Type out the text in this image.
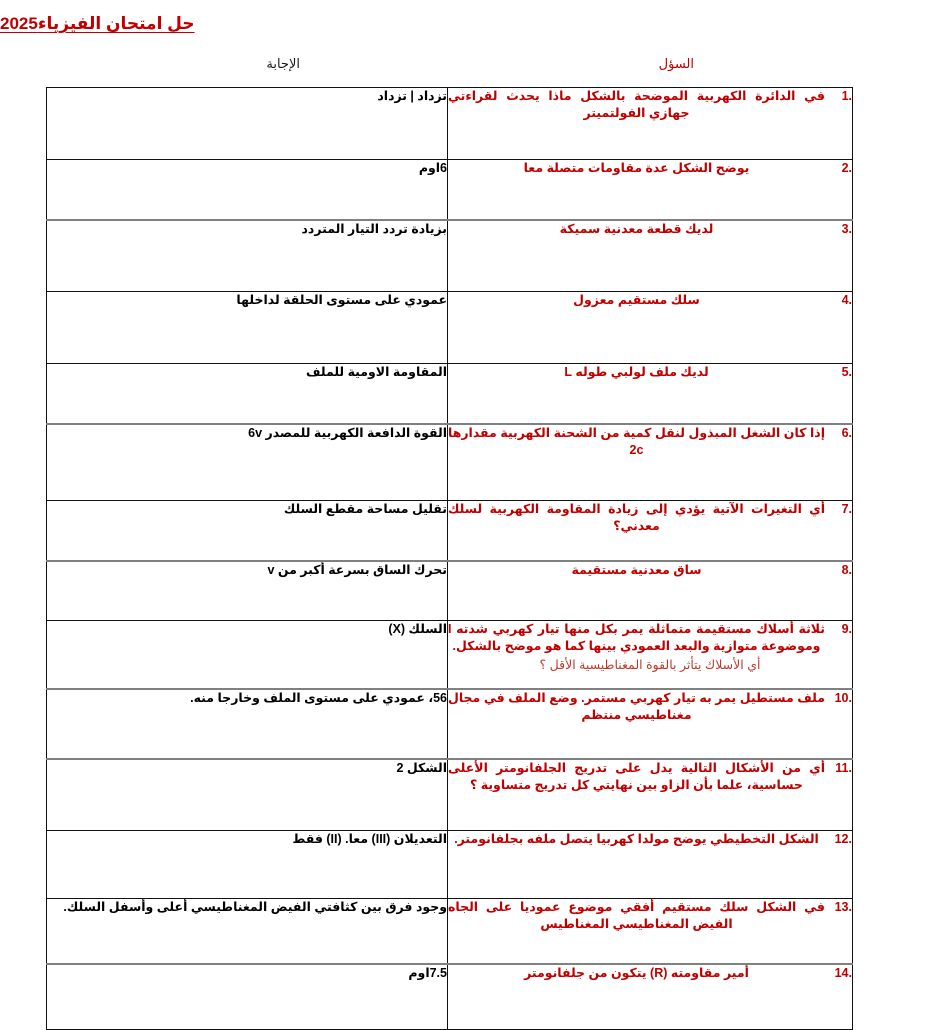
حل امتحان الفيزياء2025
السؤل
الإجابة
.1
في الدائرة الكهربية الموضحة بالشكل ماذا يحدث لقراءتي جهازي الفولتميتر	تزداد | تزداد

.2
يوضح الشكل عدة مقاومات متصلة معا	6اوم

.3
لديك قطعة معدنية سميكة	بزيادة تردد التيار المتردد

.4
سلك مستقيم معزول	عمودي على مستوى الحلقة لداخلها

.5
لديك ملف لولبي طوله L	المقاومة الاومية للملف

.6
إذا كان الشغل المبذول لنقل كمية من الشحنة الكهربية مقدارها 2c	القوة الدافعة الكهربية للمصدر 6v

.7
أي التغيرات الآتية يؤدي إلى زيادة المقاومة الكهربية لسلك معدني؟	تقليل مساحة مقطع السلك

.8
ساق معدنية مستقيمة	تحرك الساق بسرعة أكبر من v

.9
ثلاثة أسلاك مستقيمة متماثلة يمر بكل منها تيار كهربي شدته I وموضوعة متوازية والبعد العمودي بينها كما هو موضح بالشكل.
أي الأسلاك يتأثر بالقوة المغناطيسية الأقل ؟	السلك (X)

.10
ملف مستطيل يمر به تيار كهربي مستمر. وضع الملف في مجال مغناطيسي منتظم	56، عمودي على مستوى الملف وخارجا منه.

.11
أي من الأشكال التالية يدل على تدريج الجلفانومتر الأعلى حساسية، علما بأن الزاو بين نهايتي كل تدريج متساوية ؟	الشكل 2

.12
الشكل التخطيطي يوضح مولدا كهربيا يتصل ملفه بجلفانومتر.	التعديلان (III) معا. (II) فقط

.13
في الشكل سلك مستقيم أفقي موضوع عموديا على الجاه الفيض المغناطيسي المغناطيس	وجود فرق بين كثافتي الفيض المغناطيسي أعلى وأسفل السلك.

.14
أمير مقاومته (R) يتكون من جلفانومتر	7.5اوم
